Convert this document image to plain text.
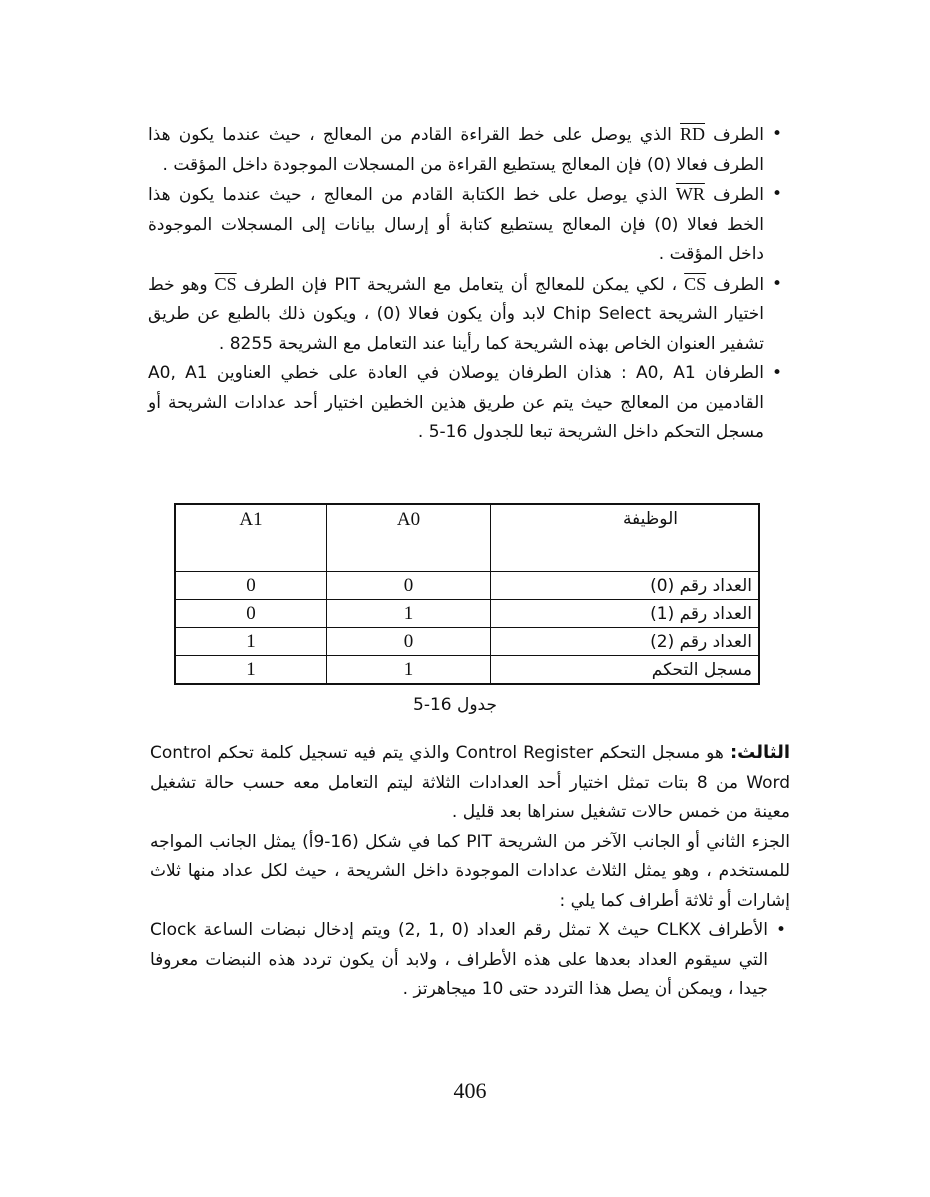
• الطرف RD الذي يوصل على خط القراءة القادم من المعالج ، حيث عندما يكون هذا الطرف فعالا (0) فإن المعالج يستطيع القراءة من المسجلات الموجودة داخل المؤقت .
• الطرف WR الذي يوصل على خط الكتابة القادم من المعالج ، حيث عندما يكون هذا الخط فعالا (0) فإن المعالج يستطيع كتابة أو إرسال بيانات إلى المسجلات الموجودة داخل المؤقت .
• الطرف CS ، لكي يمكن للمعالج أن يتعامل مع الشريحة PIT فإن الطرف CS وهو خط اختيار الشريحة Chip Select لابد وأن يكون فعالا (0) ، ويكون ذلك بالطبع عن طريق تشفير العنوان الخاص بهذه الشريحة كما رأينا عند التعامل مع الشريحة 8255 .
• الطرفان A0, A1 : هذان الطرفان يوصلان في العادة على خطي العناوين A0, A1 القادمين من المعالج حيث يتم عن طريق هذين الخطين اختيار أحد عدادات الشريحة أو مسجل التحكم داخل الشريحة تبعا للجدول 16-5 .
A1	A0	الوظيفة
0	0	العداد رقم (0)
0	1	العداد رقم (1)
1	0	العداد رقم (2)
1	1	مسجل التحكم
جدول 16-5

الثالث: هو مسجل التحكم Control Register والذي يتم فيه تسجيل كلمة تحكم Control Word من 8 بتات تمثل اختيار أحد العدادات الثلاثة ليتم التعامل معه حسب حالة تشغيل معينة من خمس حالات تشغيل سنراها بعد قليل .

الجزء الثاني أو الجانب الآخر من الشريحة PIT كما في شكل (16-9أ) يمثل الجانب المواجه للمستخدم ، وهو يمثل الثلاث عدادات الموجودة داخل الشريحة ، حيث لكل عداد منها ثلاث إشارات أو ثلاثة أطراف كما يلي :

• الأطراف CLKX حيث X تمثل رقم العداد (0 ,1 ,2) ويتم إدخال نبضات الساعة Clock التي سيقوم العداد بعدها على هذه الأطراف ، ولابد أن يكون تردد هذه النبضات معروفا جيدا ، ويمكن أن يصل هذا التردد حتى 10 ميجاهرتز .
406
